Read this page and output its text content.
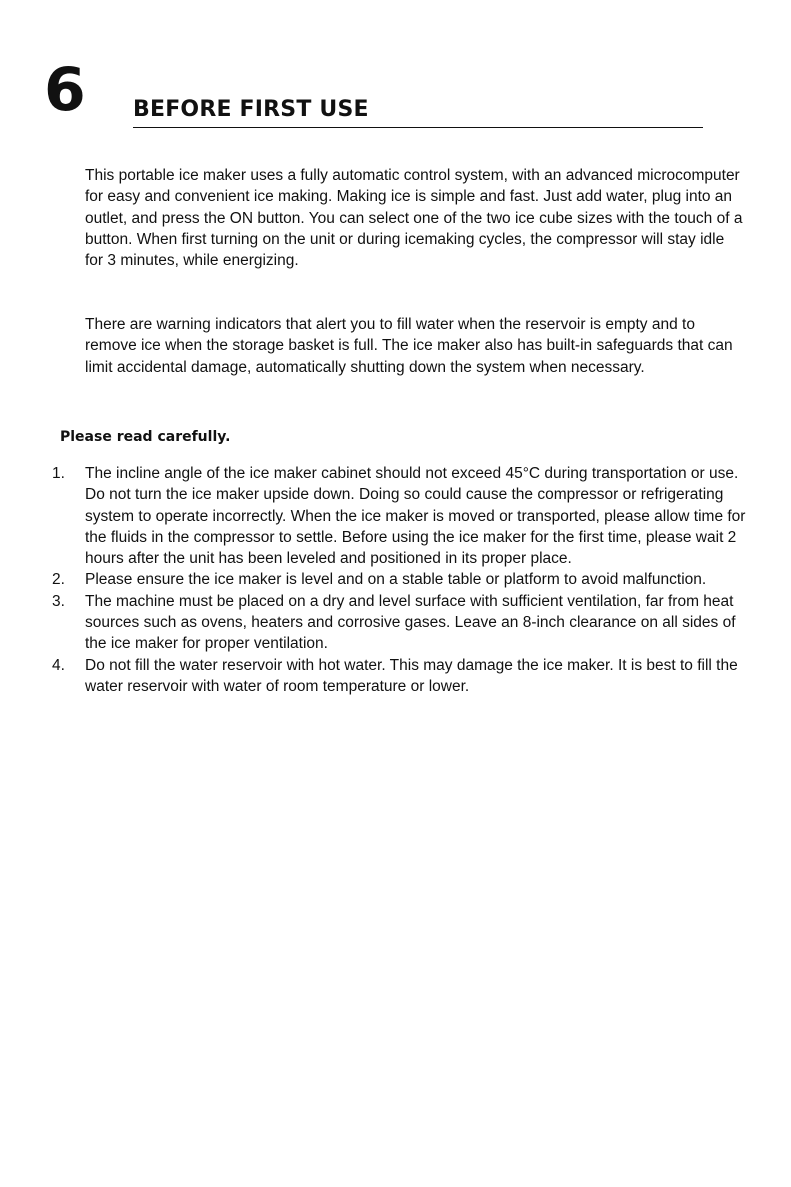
6 BEFORE FIRST USE

This portable ice maker uses a fully automatic control system, with an advanced microcomputer for easy and convenient ice making. Making ice is simple and fast. Just add water, plug into an outlet, and press the ON button. You can select one of the two ice cube sizes with the touch of a button. When first turning on the unit or during icemaking cycles, the compressor will stay idle for 3 minutes, while energizing.

There are warning indicators that alert you to fill water when the reservoir is empty and to remove ice when the storage basket is full. The ice maker also has built-in safeguards that can limit accidental damage, automatically shutting down the system when necessary.

Please read carefully.
1. The incline angle of the ice maker cabinet should not exceed 45°C during transportation or use. Do not turn the ice maker upside down. Doing so could cause the compressor or refrigerating system to operate incorrectly. When the ice maker is moved or transported, please allow time for the fluids in the compressor to settle. Before using the ice maker for the first time, please wait 2 hours after the unit has been leveled and positioned in its proper place.
2. Please ensure the ice maker is level and on a stable table or platform to avoid malfunction.
3. The machine must be placed on a dry and level surface with sufficient ventilation, far from heat sources such as ovens, heaters and corrosive gases. Leave an 8-inch clearance on all sides of the ice maker for proper ventilation.
4. Do not fill the water reservoir with hot water. This may damage the ice maker. It is best to fill the water reservoir with water of room temperature or lower.
